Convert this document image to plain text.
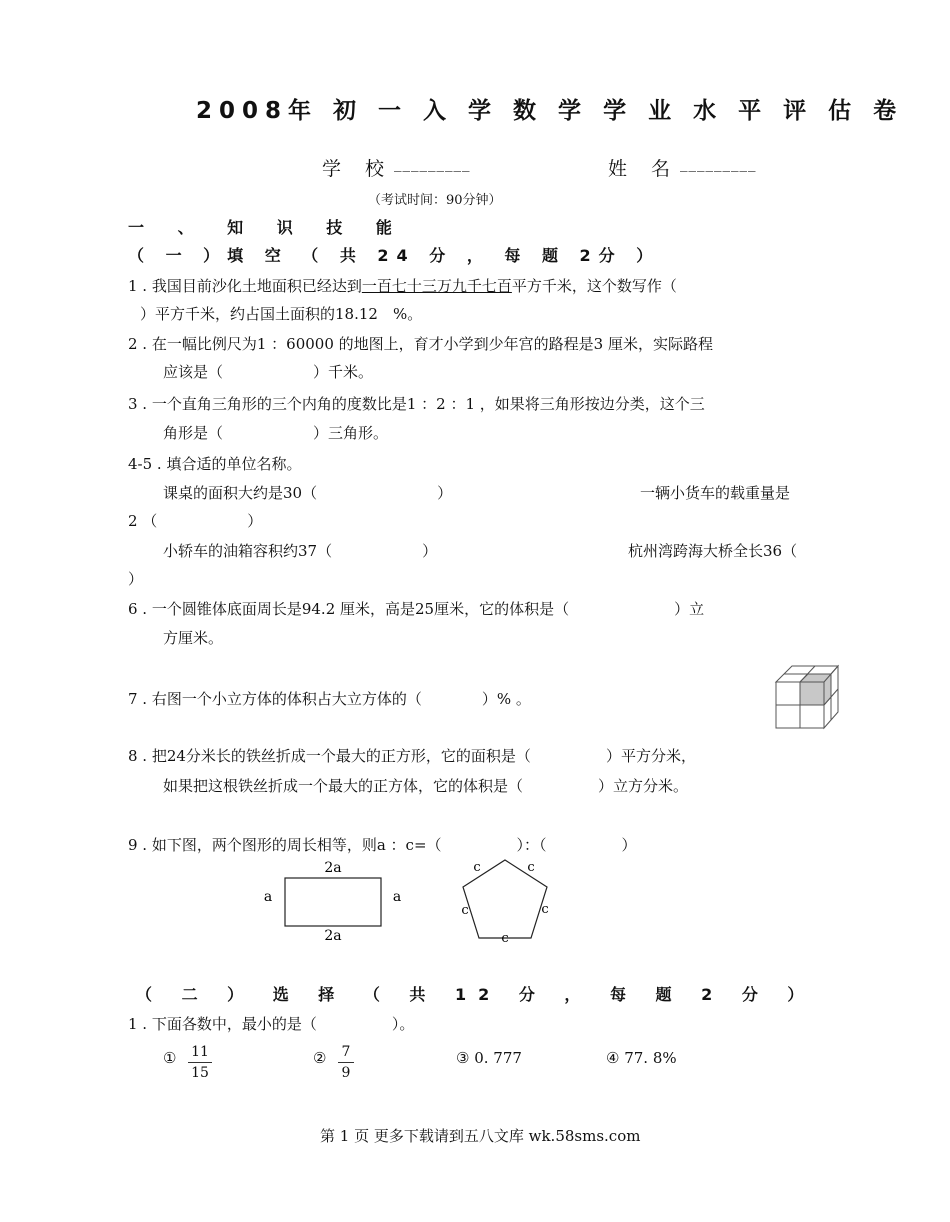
2008年 初 一 入 学 数 学 学 业 水 平 评 估 卷
学 校 _________	姓 名 _________
（考试时间：90分钟）
一 、 知 识 技 能
（ 一 ）填 空 （ 共 24 分 ， 每 题 2分 ）
1 . 我国目前沙化土地面积已经达到一百七十三万九千七百平方千米，这个数写作（
）平方千米，约占国土面积的18.12　%。
2 . 在一幅比例尺为1 ：60000 的地图上，育才小学到少年宫的路程是3 厘米，实际路程
应该是（　　　　　　）千米。
3 . 一个直角三角形的三个内角的度数比是1 ：2 ：1 ，如果将三角形按边分类，这个三
角形是（　　　　　　）三角形。
4-5 . 填合适的单位名称。
课桌的面积大约是30（　　　　　　　　）	一辆小货车的载重量是
2 （　　　　　　）
小轿车的油箱容积约37（　　　　　　）	杭州湾跨海大桥全长36（
）
6 . 一个圆锥体底面周长是94.2 厘米，高是25厘米，它的体积是（　　　　　　　）立
方厘米。
7 . 右图一个小立方体的体积占大立方体的（　　　　）% 。
8 . 把24分米长的铁丝折成一个最大的正方形，它的面积是（　　　　　）平方分米，
如果把这根铁丝折成一个最大的正方体，它的体积是（　　　　　）立方分米。
9 . 如下图，两个图形的周长相等，则a ：c=（　　　　　）：（　　　　　）
2a
2a
a	a
c	c
c	c
c
（ 二 ） 选 择 （ 共 12 分 ， 每 题 2 分 ）
1 . 下面各数中，最小的是（　　　　　）。
① 11
15
② 7
9
③ 0. 777	④ 77. 8%
第 1 页 更多下载请到五八文库 wk.58sms.com
